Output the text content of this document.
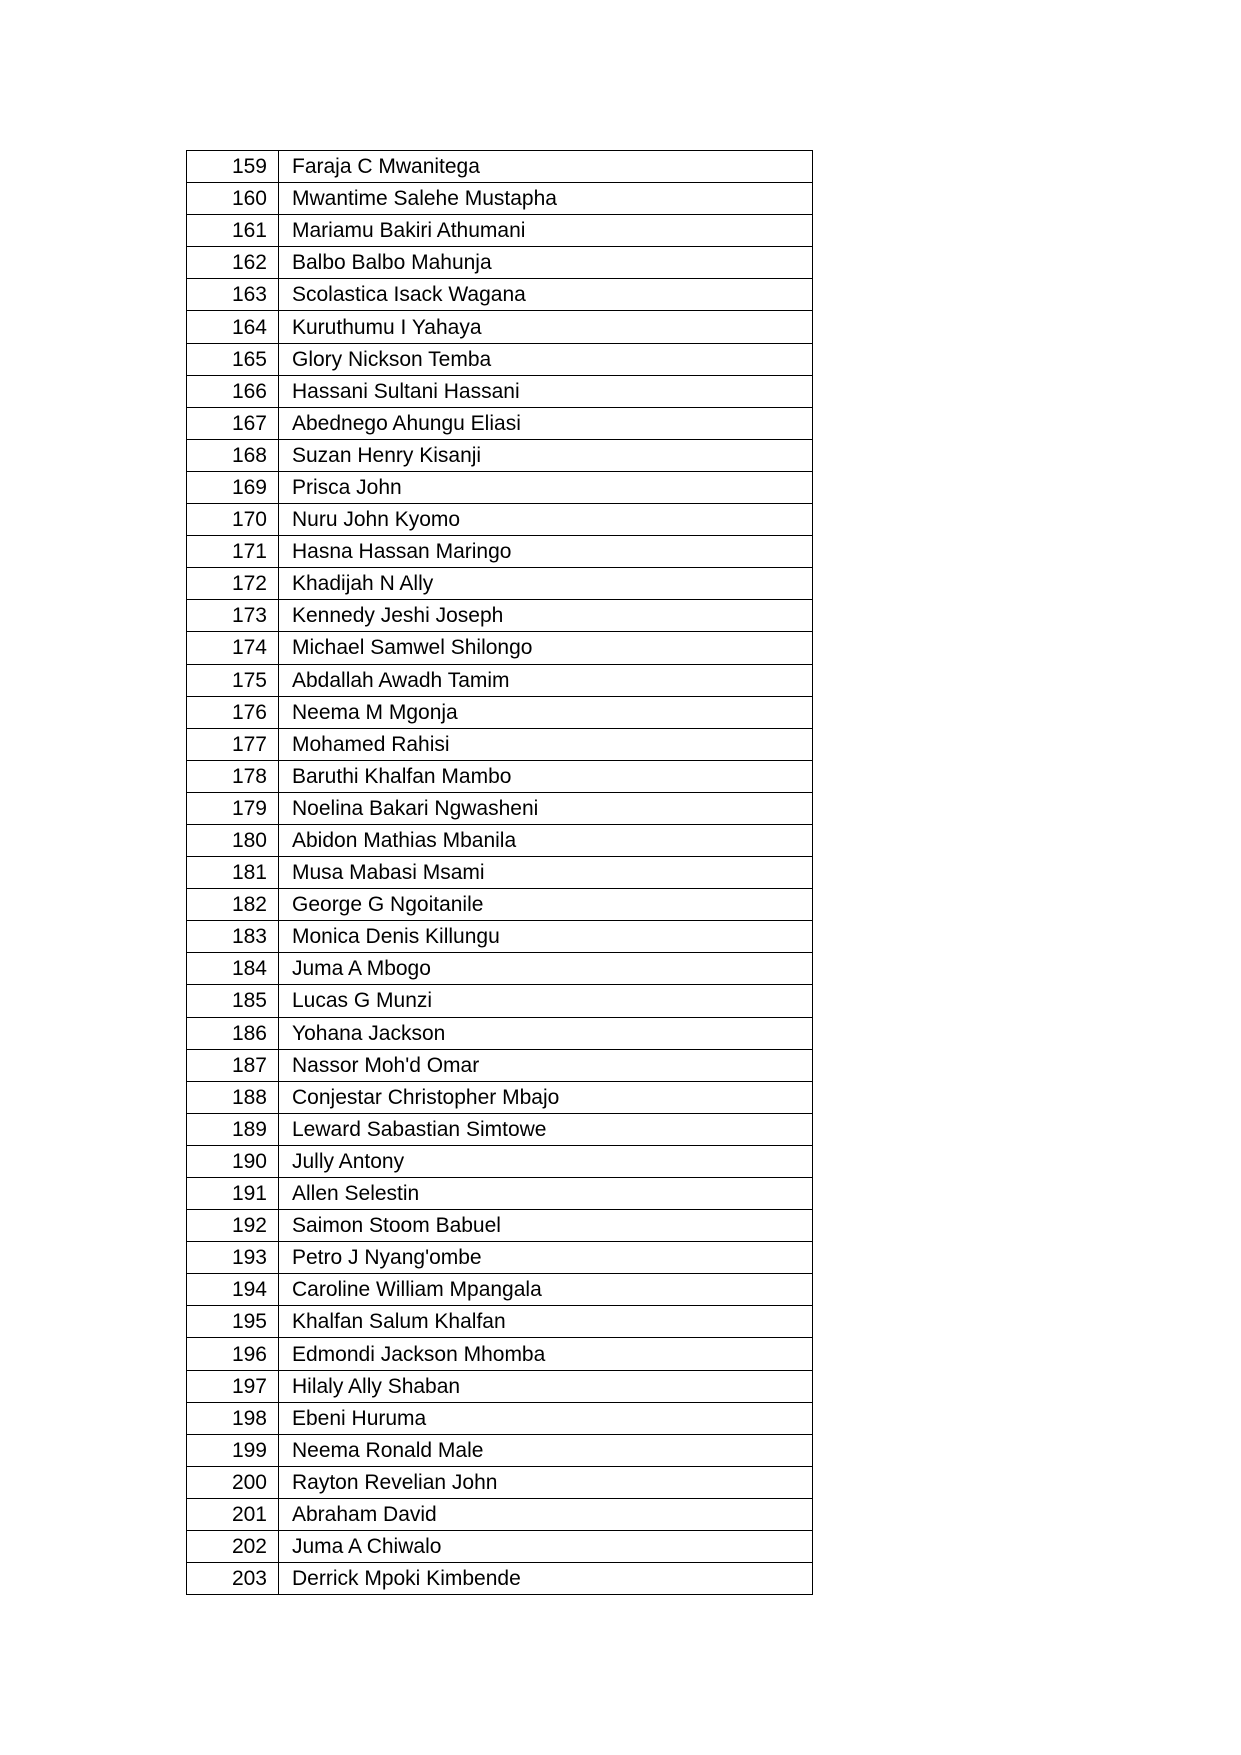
159	Faraja C Mwanitega
160	Mwantime Salehe Mustapha
161	Mariamu Bakiri Athumani
162	Balbo Balbo Mahunja
163	Scolastica Isack Wagana
164	Kuruthumu I Yahaya
165	Glory Nickson Temba
166	Hassani Sultani Hassani
167	Abednego Ahungu Eliasi
168	Suzan Henry Kisanji
169	Prisca John
170	Nuru John Kyomo
171	Hasna Hassan Maringo
172	Khadijah N Ally
173	Kennedy Jeshi Joseph
174	Michael Samwel Shilongo
175	Abdallah Awadh Tamim
176	Neema M Mgonja
177	Mohamed Rahisi
178	Baruthi Khalfan Mambo
179	Noelina Bakari Ngwasheni
180	Abidon Mathias Mbanila
181	Musa Mabasi Msami
182	George G Ngoitanile
183	Monica Denis Killungu
184	Juma A Mbogo
185	Lucas G Munzi
186	Yohana Jackson
187	Nassor Moh'd Omar
188	Conjestar Christopher Mbajo
189	Leward Sabastian Simtowe
190	Jully Antony
191	Allen Selestin
192	Saimon Stoom Babuel
193	Petro J Nyang'ombe
194	Caroline William Mpangala
195	Khalfan Salum Khalfan
196	Edmondi Jackson Mhomba
197	Hilaly Ally Shaban
198	Ebeni Huruma
199	Neema Ronald Male
200	Rayton Revelian John
201	Abraham David
202	Juma A Chiwalo
203	Derrick Mpoki Kimbende
